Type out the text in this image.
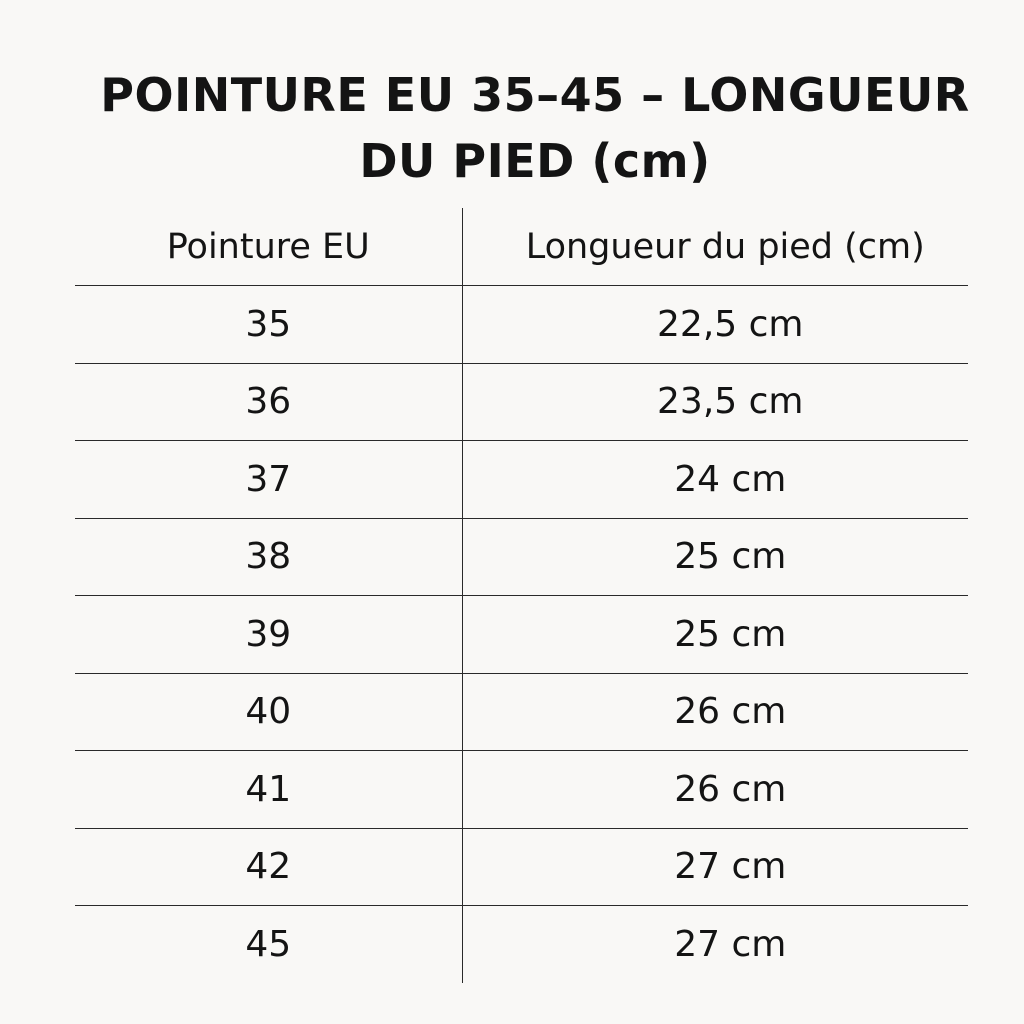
POINTURE EU 35–45 – LONGUEUR
DU PIED (cm)
Pointure EU	Longueur du pied (cm)
35	22,5 cm
36	23,5 cm
37	24 cm
38	25 cm
39	25 cm
40	26 cm
41	26 cm
42	27 cm
45	27 cm
